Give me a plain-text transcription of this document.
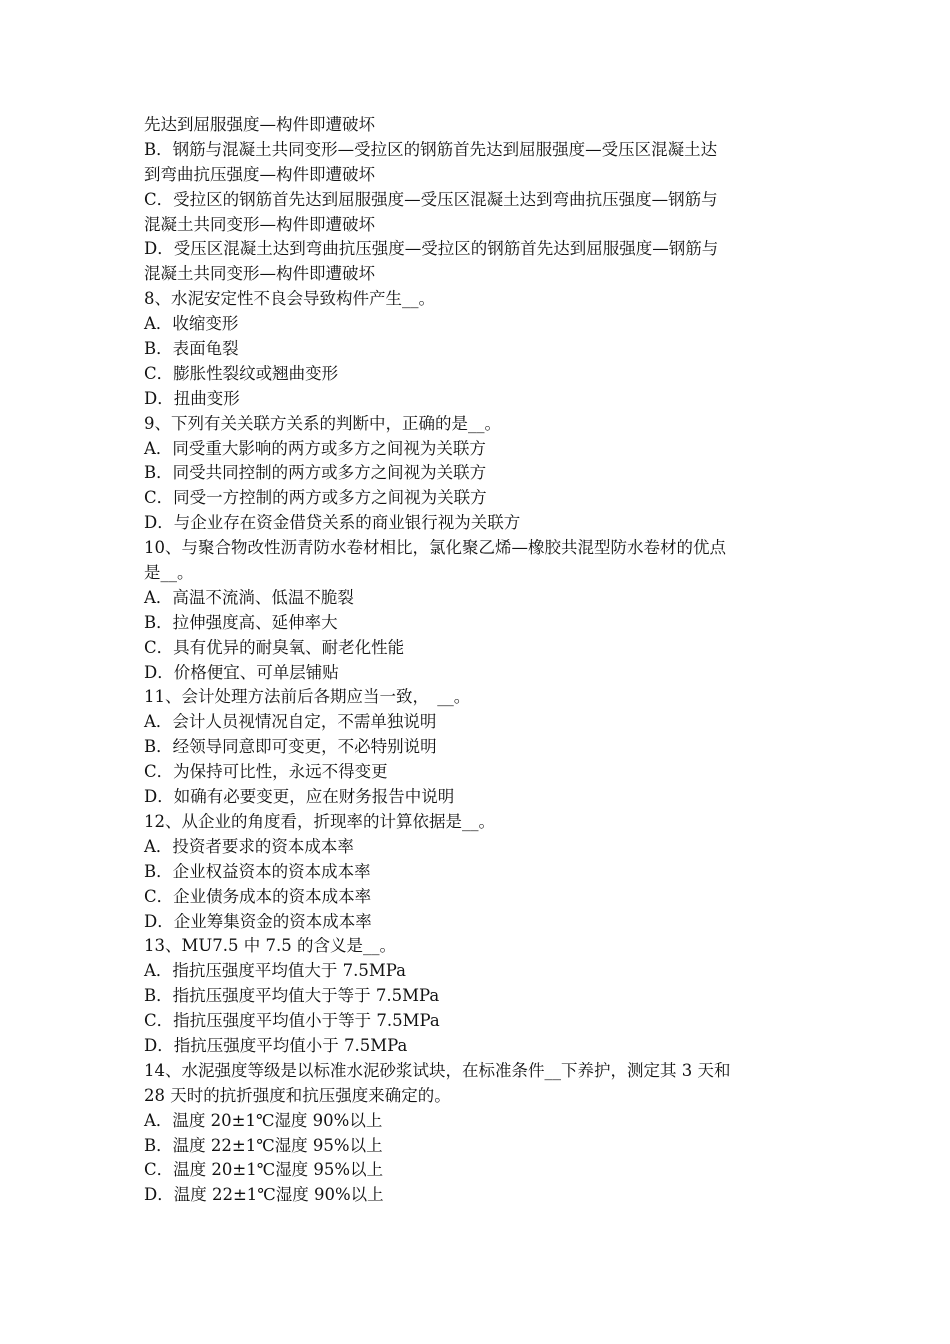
先达到屈服强度—构件即遭破坏
B．钢筋与混凝土共同变形—受拉区的钢筋首先达到屈服强度—受压区混凝土达
到弯曲抗压强度—构件即遭破坏
C．受拉区的钢筋首先达到屈服强度—受压区混凝土达到弯曲抗压强度—钢筋与
混凝土共同变形—构件即遭破坏
D．受压区混凝土达到弯曲抗压强度—受拉区的钢筋首先达到屈服强度—钢筋与
混凝土共同变形—构件即遭破坏
8、水泥安定性不良会导致构件产生__。
A．收缩变形
B．表面龟裂
C．膨胀性裂纹或翘曲变形
D．扭曲变形
9、下列有关关联方关系的判断中，正确的是__。
A．同受重大影响的两方或多方之间视为关联方
B．同受共同控制的两方或多方之间视为关联方
C．同受一方控制的两方或多方之间视为关联方
D．与企业存在资金借贷关系的商业银行视为关联方
10、与聚合物改性沥青防水卷材相比，氯化聚乙烯—橡胶共混型防水卷材的优点
是__。
A．高温不流淌、低温不脆裂
B．拉伸强度高、延伸率大
C．具有优异的耐臭氧、耐老化性能
D．价格便宜、可单层铺贴
11、会计处理方法前后各期应当一致，　__。
A．会计人员视情况自定，不需单独说明
B．经领导同意即可变更，不必特别说明
C．为保持可比性，永远不得变更
D．如确有必要变更，应在财务报告中说明
12、从企业的角度看，折现率的计算依据是__。
A．投资者要求的资本成本率
B．企业权益资本的资本成本率
C．企业债务成本的资本成本率
D．企业筹集资金的资本成本率
13、MU7.5 中 7.5 的含义是__。
A．指抗压强度平均值大于 7.5MPa
B．指抗压强度平均值大于等于 7.5MPa
C．指抗压强度平均值小于等于 7.5MPa
D．指抗压强度平均值小于 7.5MPa
14、水泥强度等级是以标准水泥砂浆试块，在标准条件__下养护，测定其 3 天和
28 天时的抗折强度和抗压强度来确定的。
A．温度 20±1℃湿度 90%以上
B．温度 22±1℃湿度 95%以上
C．温度 20±1℃湿度 95%以上
D．温度 22±1℃湿度 90%以上
